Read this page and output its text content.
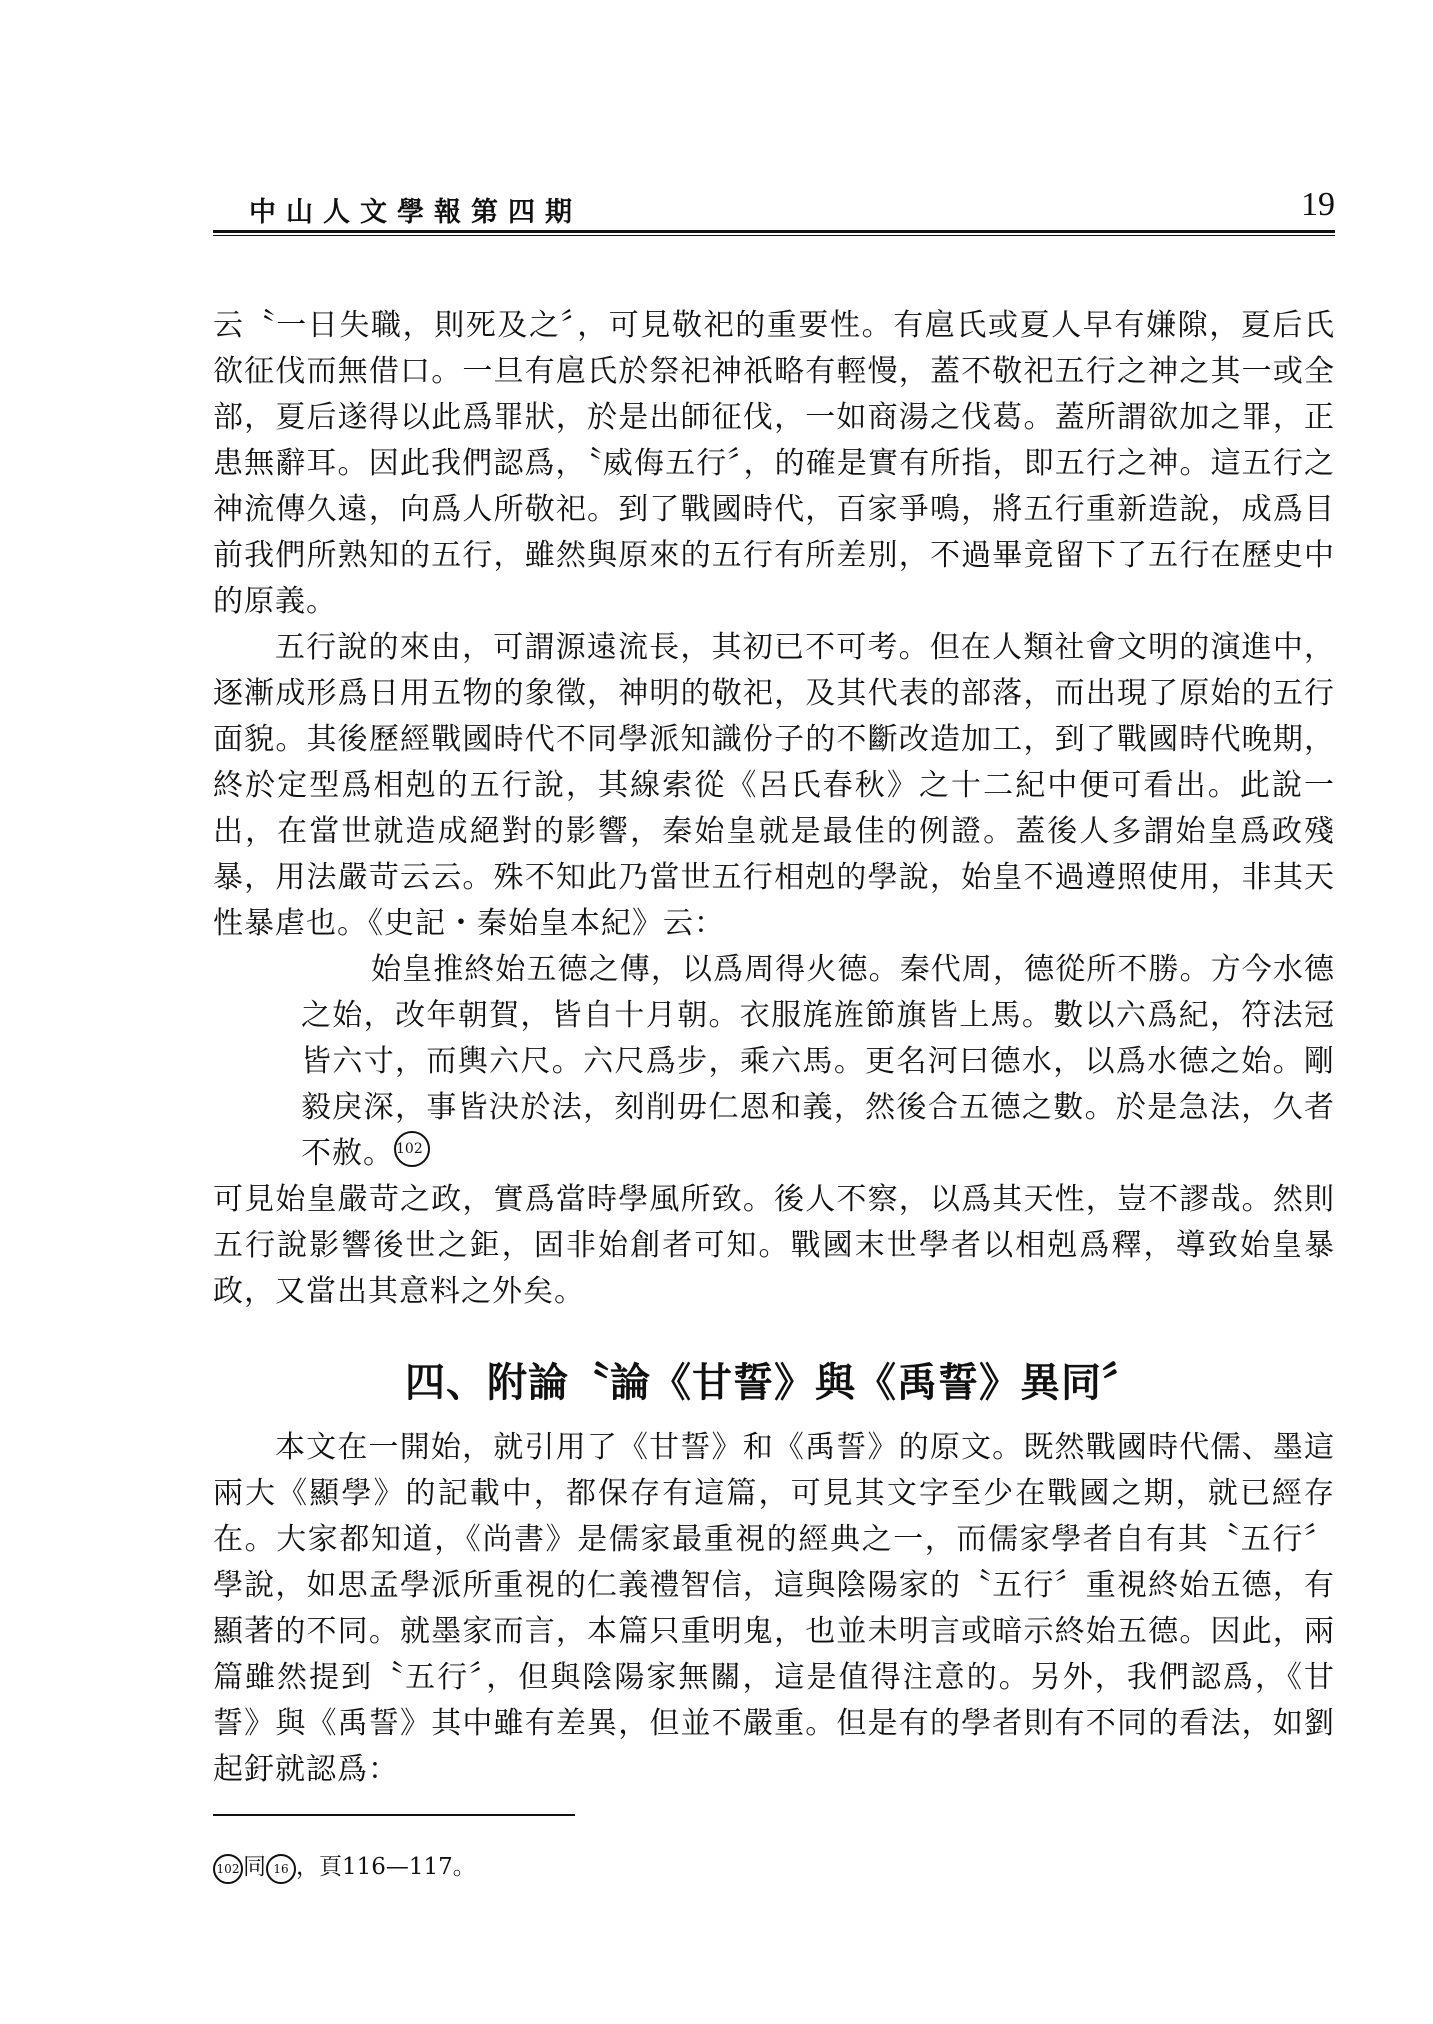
中山人文學報第四期	19

云〝一日失職，則死及之〞，可見敬祀的重要性。有扈氏或夏人早有嫌隙，夏后氏欲征伐而無借口。一旦有扈氏於祭祀神祇略有輕慢，蓋不敬祀五行之神之其一或全部，夏后遂得以此爲罪狀，於是出師征伐，一如商湯之伐葛。蓋所謂欲加之罪，正患無辭耳。因此我們認爲，〝威侮五行〞，的確是實有所指，即五行之神。這五行之神流傳久遠，向爲人所敬祀。到了戰國時代，百家爭鳴，將五行重新造說，成爲目前我們所熟知的五行，雖然與原來的五行有所差別，不過畢竟留下了五行在歷史中的原義。

五行說的來由，可謂源遠流長，其初已不可考。但在人類社會文明的演進中，逐漸成形爲日用五物的象徵，神明的敬祀，及其代表的部落，而出現了原始的五行面貌。其後歷經戰國時代不同學派知識份子的不斷改造加工，到了戰國時代晚期，終於定型爲相剋的五行說，其線索從《呂氏春秋》之十二紀中便可看出。此說一出，在當世就造成絕對的影響，秦始皇就是最佳的例證。蓋後人多謂始皇爲政殘暴，用法嚴苛云云。殊不知此乃當世五行相剋的學說，始皇不過遵照使用，非其天性暴虐也。《史記・秦始皇本紀》云：

始皇推終始五德之傳，以爲周得火德。秦代周，德從所不勝。方今水德之始，改年朝賀，皆自十月朝。衣服旄旌節旗皆上馬。數以六爲紀，符法冠皆六寸，而輿六尺。六尺爲步，乘六馬。更名河曰德水，以爲水德之始。剛毅戾深，事皆決於法，刻削毋仁恩和義，然後合五德之數。於是急法，久者不赦。 102

可見始皇嚴苛之政，實爲當時學風所致。後人不察，以爲其天性，豈不謬哉。然則五行說影響後世之鉅，固非始創者可知。戰國末世學者以相剋爲釋，導致始皇暴政，又當出其意料之外矣。

四、附論〝論《甘誓》與《禹誓》異同〞

本文在一開始，就引用了《甘誓》和《禹誓》的原文。既然戰國時代儒、墨這兩大《顯學》的記載中，都保存有這篇，可見其文字至少在戰國之期，就已經存在。大家都知道，《尚書》是儒家最重視的經典之一，而儒家學者自有其〝五行〞學說，如思孟學派所重視的仁義禮智信，這與陰陽家的〝五行〞重視終始五德，有顯著的不同。就墨家而言，本篇只重明鬼，也並未明言或暗示終始五德。因此，兩篇雖然提到〝五行〞，但與陰陽家無關，這是值得注意的。另外，我們認爲，《甘誓》與《禹誓》其中雖有差異，但並不嚴重。但是有的學者則有不同的看法，如劉起釪就認爲：

102 同 16 ，頁116—117。
